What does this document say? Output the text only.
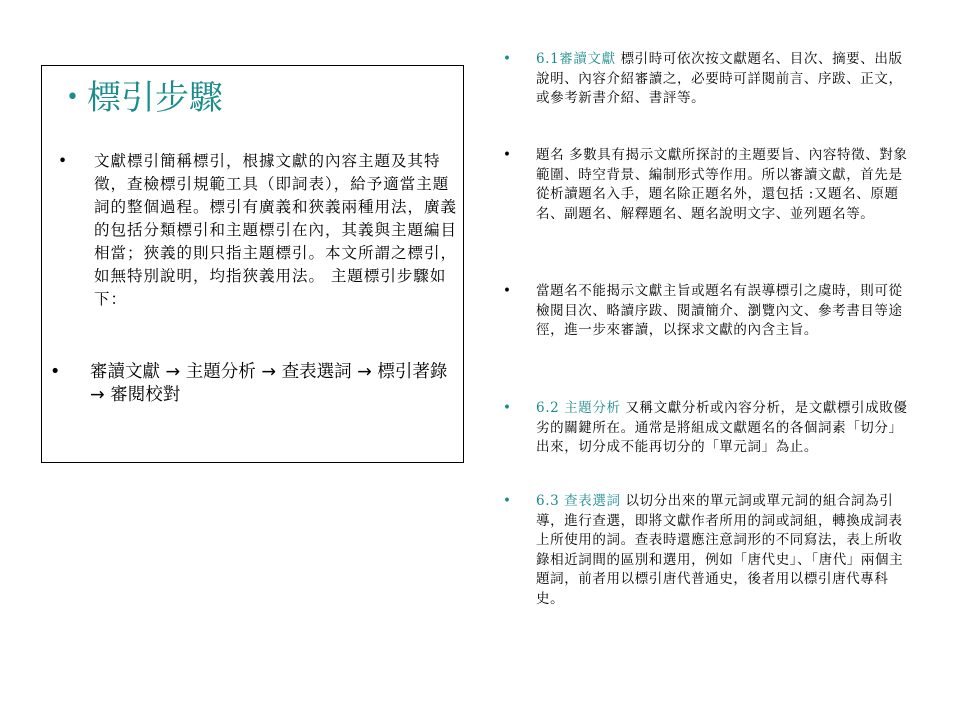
• 標引步驟
• 文獻標引簡稱標引，根據文獻的內容主題及其特徵，查檢標引規範工具（即詞表），給予適當主題詞的整個過程。標引有廣義和狹義兩種用法，廣義的包括分類標引和主題標引在內，其義與主題編目相當；狹義的則只指主題標引。本文所謂之標引，如無特別說明，均指狹義用法。 主題標引步驟如下：
• 審讀文獻 → 主題分析 → 查表選詞 → 標引著錄 → 審閱校對
• 6.1審讀文獻 標引時可依次按文獻題名、目次、摘要、出版說明、內容介紹審讀之，必要時可詳閱前言、序跋、正文，或參考新書介紹、書評等。
• 題名 多數具有揭示文獻所探討的主題要旨、內容特徵、對象範圍、時空背景、編制形式等作用。所以審讀文獻，首先是從析讀題名入手，題名除正題名外，還包括 :又題名、原題名、副題名、解釋題名、題名說明文字、並列題名等。
• 當題名不能揭示文獻主旨或題名有誤導標引之虞時，則可從檢閱目次、略讀序跋、閱讀簡介、瀏覽內文、參考書目等途徑，進一步來審讀，以探求文獻的內含主旨。
• 6.2 主題分析 又稱文獻分析或內容分析，是文獻標引成敗優劣的關鍵所在。通常是將組成文獻題名的各個詞素「切分」出來，切分成不能再切分的「單元詞」為止。
• 6.3 查表選詞 以切分出來的單元詞或單元詞的組合詞為引導，進行查選，即將文獻作者所用的詞或詞組，轉換成詞表上所使用的詞。查表時還應注意詞形的不同寫法，表上所收錄相近詞間的區別和選用，例如「唐代史」、「唐代」兩個主題詞，前者用以標引唐代普通史，後者用以標引唐代專科史。
